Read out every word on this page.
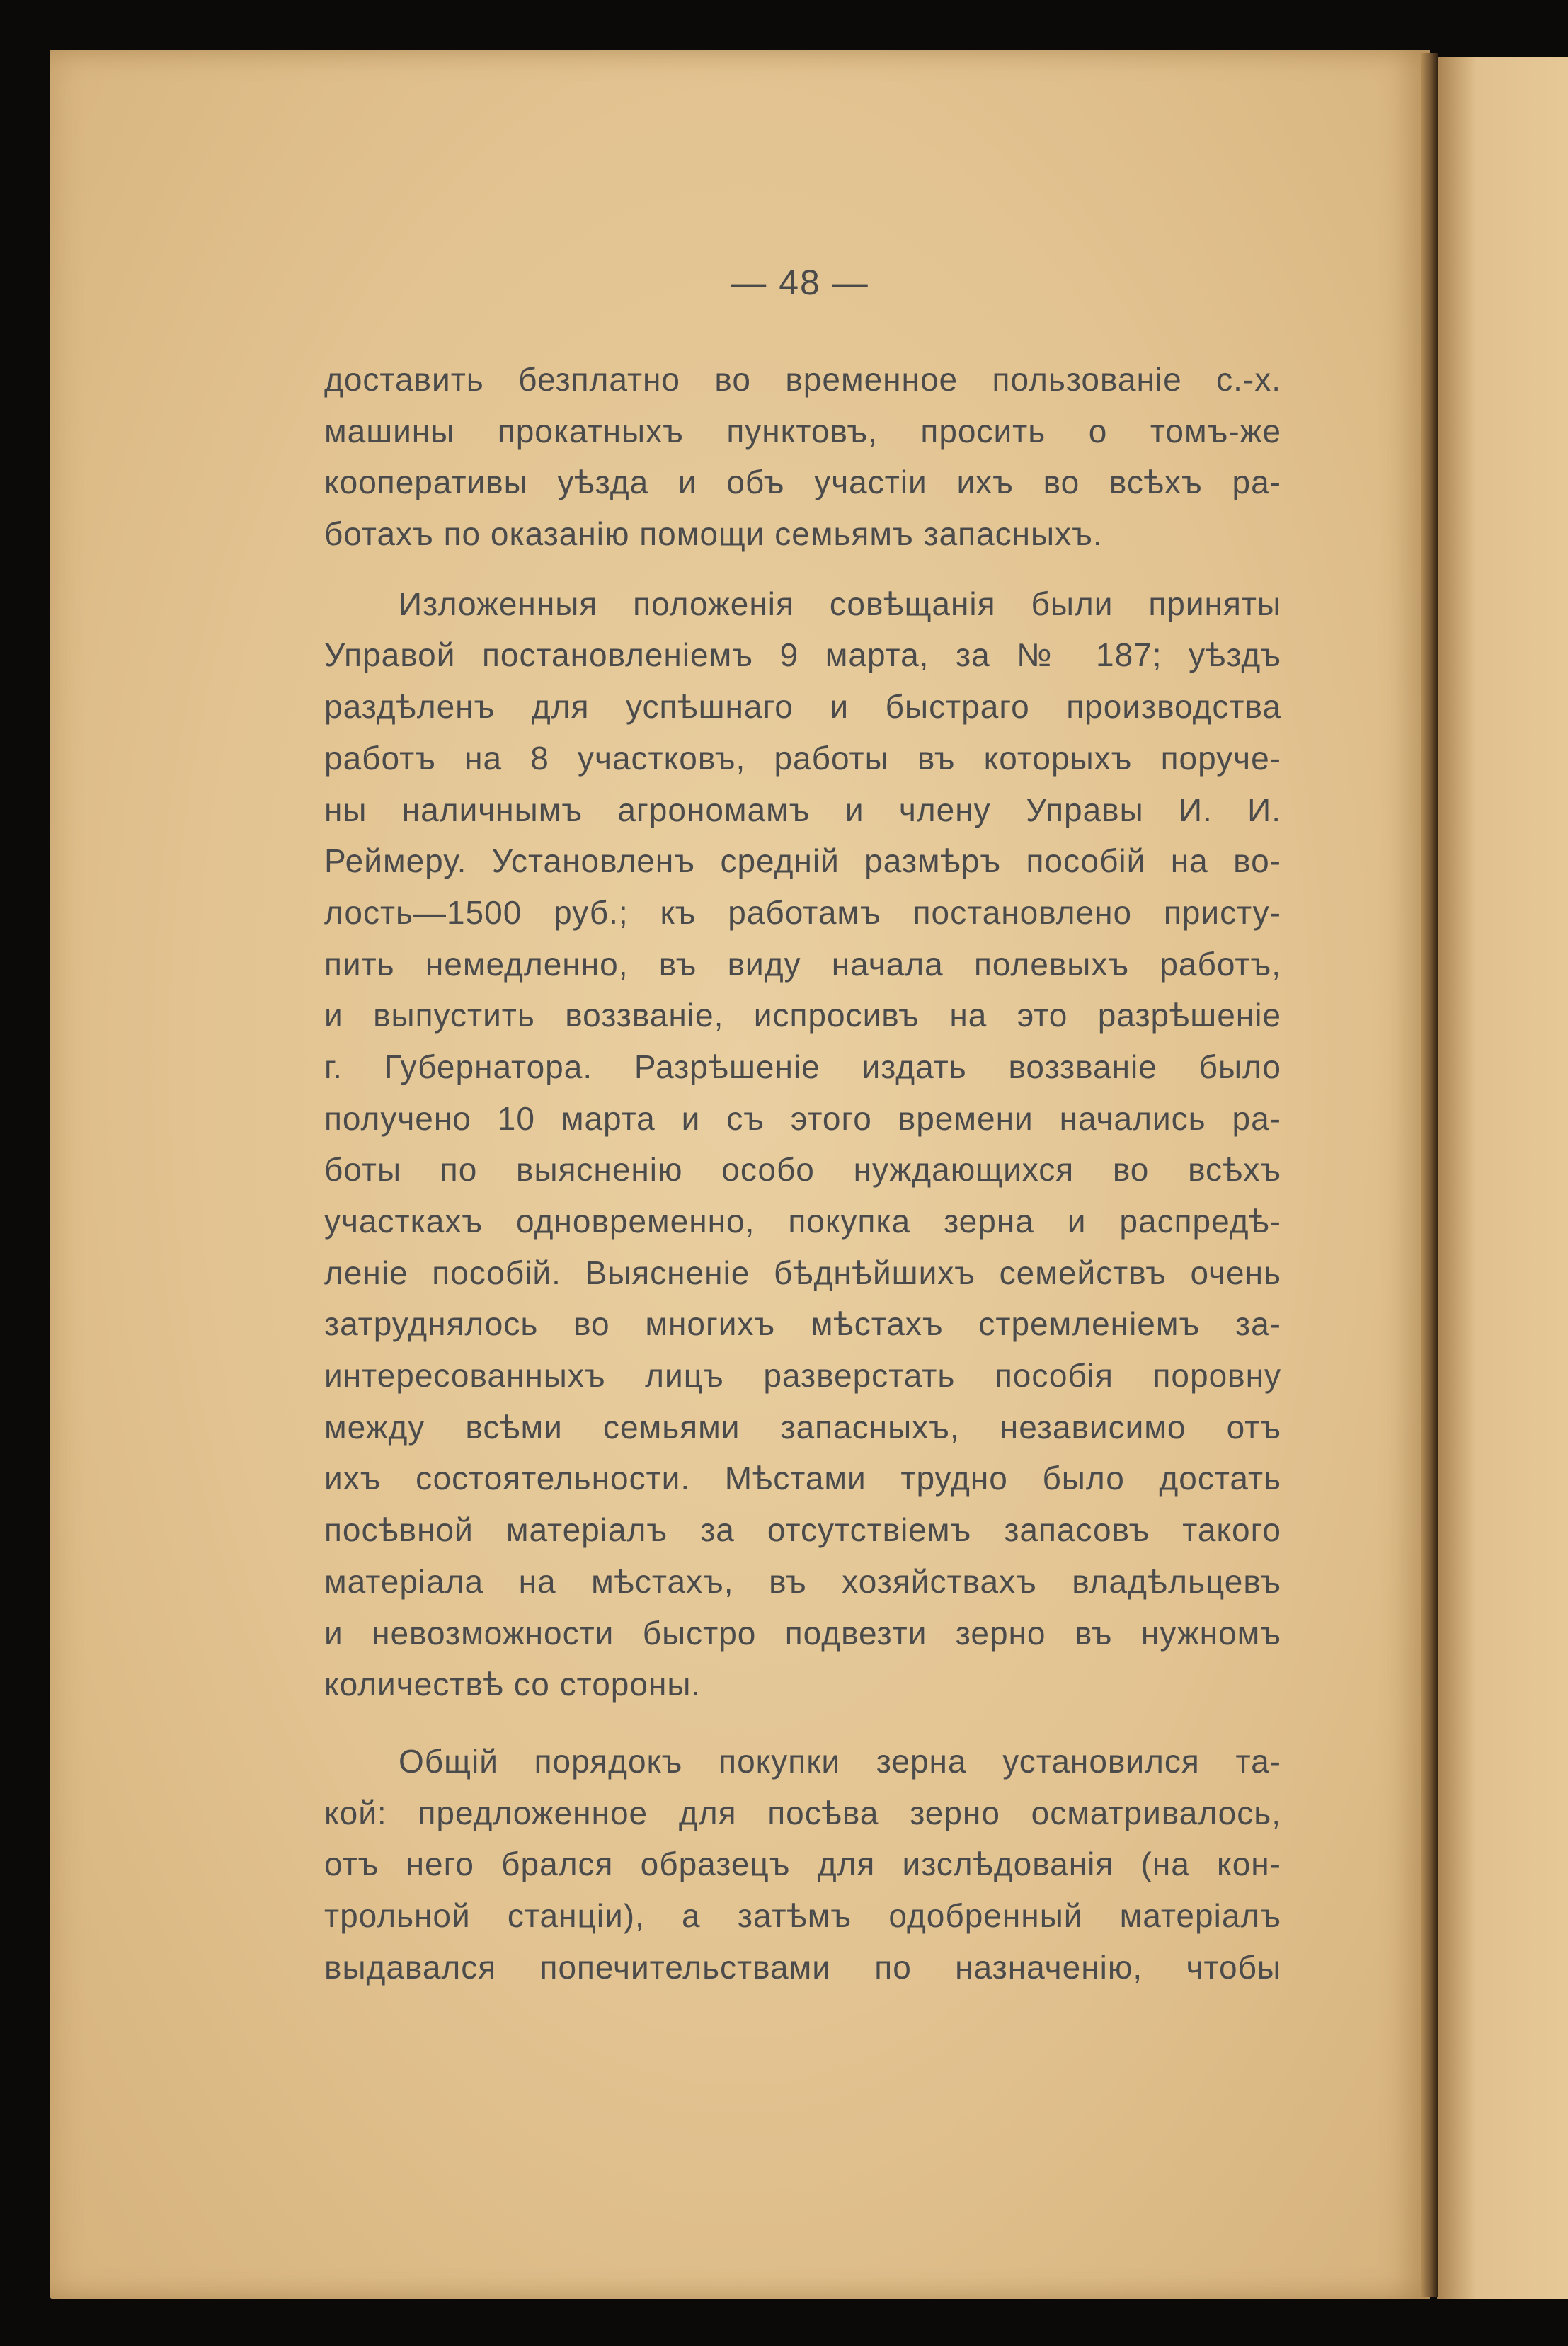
— 48 —
доставить безплатно во временное пользованіе с.-х.
машины прокатныхъ пунктовъ, просить о томъ-же
кооперативы уѣзда и объ участіи ихъ во всѣхъ ра-
ботахъ по оказанію помощи семьямъ запасныхъ.
Изложенныя положенія совѣщанія были приняты
Управой постановленіемъ 9 марта, за № 187; уѣздъ
раздѣленъ для успѣшнаго и быстраго производства
работъ на 8 участковъ, работы въ которыхъ поруче-
ны наличнымъ агрономамъ и члену Управы И. И.
Реймеру. Установленъ средній размѣръ пособій на во-
лость—1500 руб.; къ работамъ постановлено присту-
пить немедленно, въ виду начала полевыхъ работъ,
и выпустить воззваніе, испросивъ на это разрѣшеніе
г. Губернатора. Разрѣшеніе издать воззваніе было
получено 10 марта и съ этого времени начались ра-
боты по выясненію особо нуждающихся во всѣхъ
участкахъ одновременно, покупка зерна и распредѣ-
леніе пособій. Выясненіе бѣднѣйшихъ семействъ очень
затруднялось во многихъ мѣстахъ стремленіемъ за-
интересованныхъ лицъ разверстать пособія поровну
между всѣми семьями запасныхъ, независимо отъ
ихъ состоятельности. Мѣстами трудно было достать
посѣвной матеріалъ за отсутствіемъ запасовъ такого
матеріала на мѣстахъ, въ хозяйствахъ владѣльцевъ
и невозможности быстро подвезти зерно въ нужномъ
количествѣ со стороны.
Общій порядокъ покупки зерна установился та-
кой: предложенное для посѣва зерно осматривалось,
отъ него брался образецъ для изслѣдованія (на кон-
трольной станціи), а затѣмъ одобренный матеріалъ
выдавался попечительствами по назначенію, чтобы
